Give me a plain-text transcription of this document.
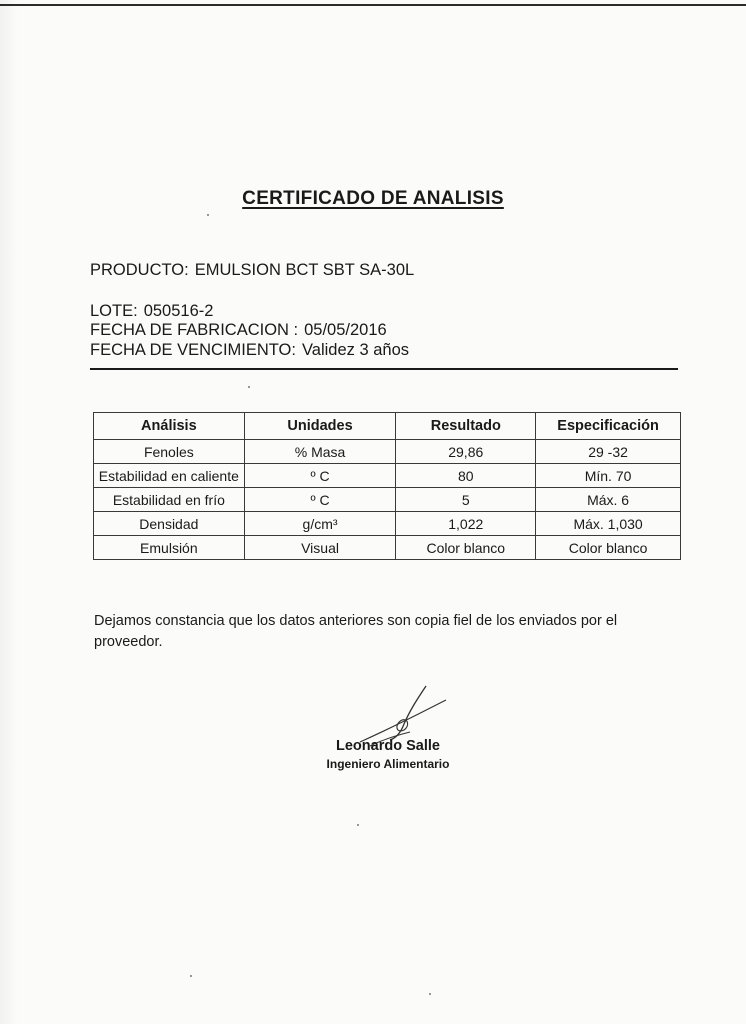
CERTIFICADO DE ANALISIS
PRODUCTO: EMULSION BCT SBT SA-30L
LOTE: 050516-2
FECHA DE FABRICACION : 05/05/2016
FECHA DE VENCIMIENTO: Validez 3 años
Análisis	Unidades	Resultado	Especificación
Fenoles	% Masa	29,86	29 -32
Estabilidad en caliente	º C	80	Mín. 70
Estabilidad en frío	º C	5	Máx. 6
Densidad	g/cm³	1,022	Máx. 1,030
Emulsión	Visual	Color blanco	Color blanco
Dejamos constancia que los datos anteriores son copia fiel de los enviados por el proveedor.
Leonardo Salle
Ingeniero Alimentario
